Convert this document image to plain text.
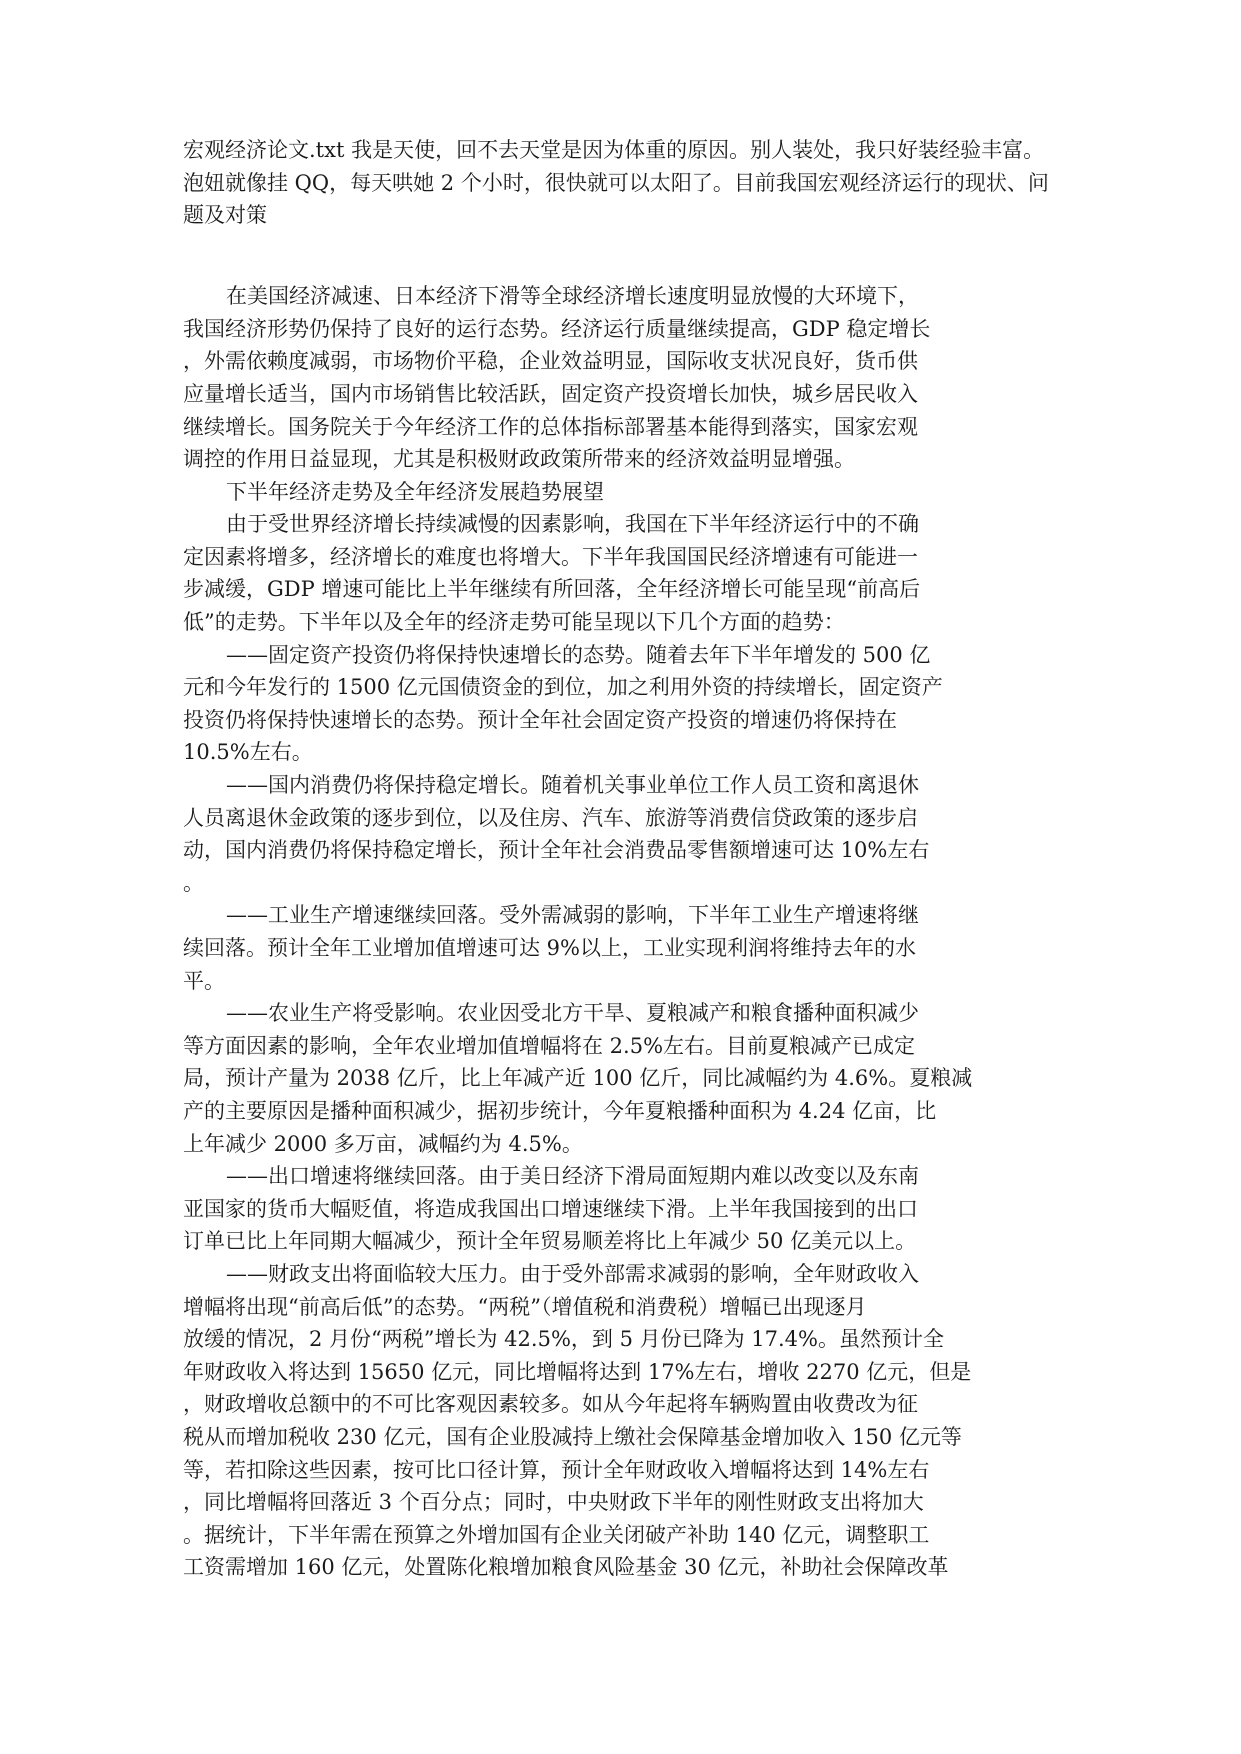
宏观经济论文.txt 我是天使，回不去天堂是因为体重的原因。别人装处，我只好装经验丰富。

泡妞就像挂 QQ，每天哄她 2 个小时，很快就可以太阳了。目前我国宏观经济运行的现状、问

题及对策

在美国经济减速、日本经济下滑等全球经济增长速度明显放慢的大环境下，

我国经济形势仍保持了良好的运行态势。经济运行质量继续提高，GDP 稳定增长

，外需依赖度减弱，市场物价平稳，企业效益明显，国际收支状况良好，货币供

应量增长适当，国内市场销售比较活跃，固定资产投资增长加快，城乡居民收入

继续增长。国务院关于今年经济工作的总体指标部署基本能得到落实，国家宏观

调控的作用日益显现，尤其是积极财政政策所带来的经济效益明显增强。

下半年经济走势及全年经济发展趋势展望

由于受世界经济增长持续减慢的因素影响，我国在下半年经济运行中的不确

定因素将增多，经济增长的难度也将增大。下半年我国国民经济增速有可能进一

步减缓，GDP 增速可能比上半年继续有所回落，全年经济增长可能呈现“前高后

低”的走势。下半年以及全年的经济走势可能呈现以下几个方面的趋势：

——固定资产投资仍将保持快速增长的态势。随着去年下半年增发的 500 亿

元和今年发行的 1500 亿元国债资金的到位，加之利用外资的持续增长，固定资产

投资仍将保持快速增长的态势。预计全年社会固定资产投资的增速仍将保持在

10.5%左右。

——国内消费仍将保持稳定增长。随着机关事业单位工作人员工资和离退休

人员离退休金政策的逐步到位，以及住房、汽车、旅游等消费信贷政策的逐步启

动，国内消费仍将保持稳定增长，预计全年社会消费品零售额增速可达 10%左右

。

——工业生产增速继续回落。受外需减弱的影响，下半年工业生产增速将继

续回落。预计全年工业增加值增速可达 9%以上，工业实现利润将维持去年的水

平。

——农业生产将受影响。农业因受北方干旱、夏粮减产和粮食播种面积减少

等方面因素的影响，全年农业增加值增幅将在 2.5%左右。目前夏粮减产已成定

局，预计产量为 2038 亿斤，比上年减产近 100 亿斤，同比减幅约为 4.6%。夏粮减

产的主要原因是播种面积减少，据初步统计，今年夏粮播种面积为 4.24 亿亩，比

上年减少 2000 多万亩，减幅约为 4.5%。

——出口增速将继续回落。由于美日经济下滑局面短期内难以改变以及东南

亚国家的货币大幅贬值，将造成我国出口增速继续下滑。上半年我国接到的出口

订单已比上年同期大幅减少，预计全年贸易顺差将比上年减少 50 亿美元以上。

——财政支出将面临较大压力。由于受外部需求减弱的影响，全年财政收入

增幅将出现“前高后低”的态势。“两税”（增值税和消费税）增幅已出现逐月

放缓的情况，2 月份“两税”增长为 42.5%，到 5 月份已降为 17.4%。虽然预计全

年财政收入将达到 15650 亿元，同比增幅将达到 17%左右，增收 2270 亿元，但是

，财政增收总额中的不可比客观因素较多。如从今年起将车辆购置由收费改为征

税从而增加税收 230 亿元，国有企业股减持上缴社会保障基金增加收入 150 亿元等

等，若扣除这些因素，按可比口径计算，预计全年财政收入增幅将达到 14%左右

，同比增幅将回落近 3 个百分点；同时，中央财政下半年的刚性财政支出将加大

。据统计，下半年需在预算之外增加国有企业关闭破产补助 140 亿元，调整职工

工资需增加 160 亿元，处置陈化粮增加粮食风险基金 30 亿元，补助社会保障改革
